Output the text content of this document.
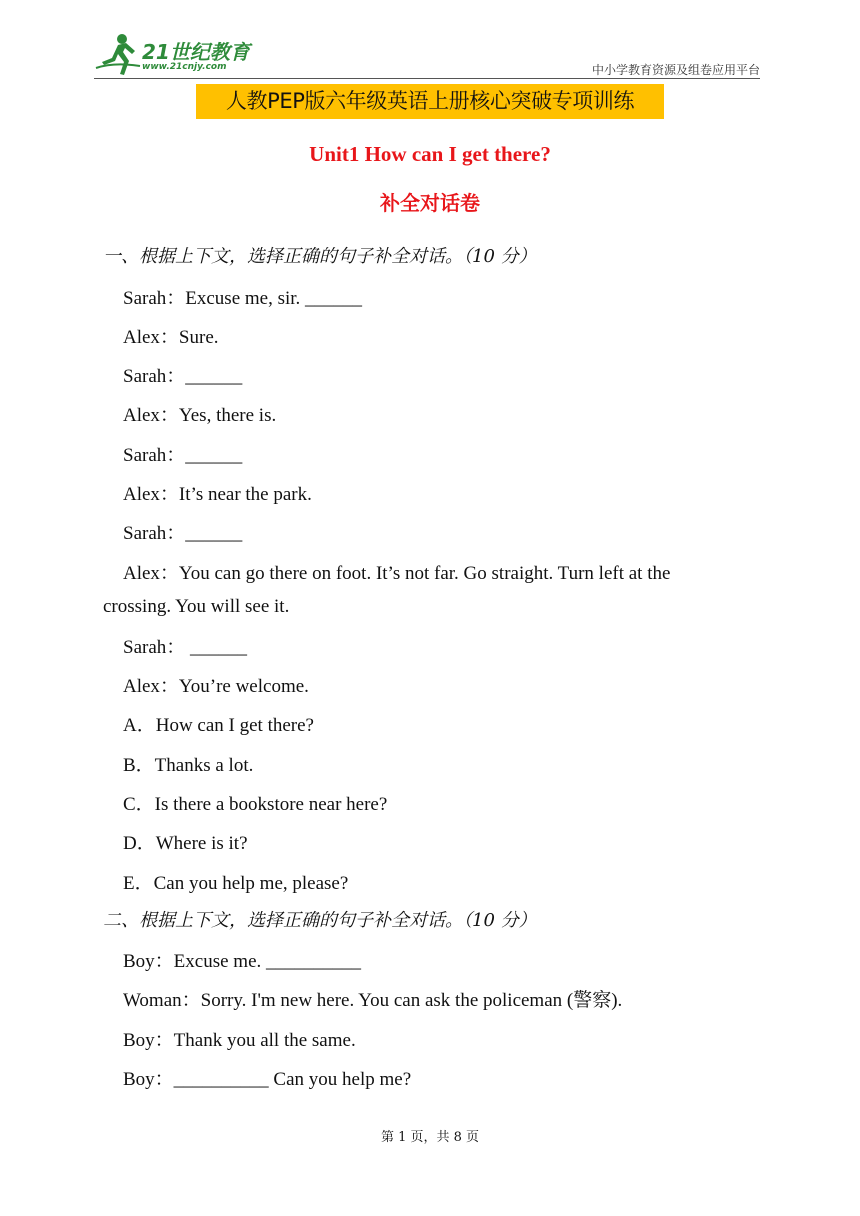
21世纪教育
www.21cnjy.com	中小学教育资源及组卷应用平台
人教PEP版六年级英语上册核心突破专项训练
Unit1 How can I get there?
补全对话卷
一、根据上下文，选择正确的句子补全对话。（10 分）
Sarah：Excuse me, sir. ______
Alex：Sure.
Sarah：______
Alex：Yes, there is.
Sarah：______
Alex：It’s near the park.
Sarah：______
Alex：You can go there on foot. It’s not far. Go straight. Turn left at the
crossing. You will see it.
Sarah： ______
Alex：You’re welcome.
A．How can I get there?
B．Thanks a lot.
C．Is there a bookstore near here?
D．Where is it?
E．Can you help me, please?
二、根据上下文，选择正确的句子补全对话。（10 分）
Boy：Excuse me. __________
Woman：Sorry. I'm new here. You can ask the policeman (警察).
Boy：Thank you all the same.
Boy：__________ Can you help me?
第 1 页，共 8 页
